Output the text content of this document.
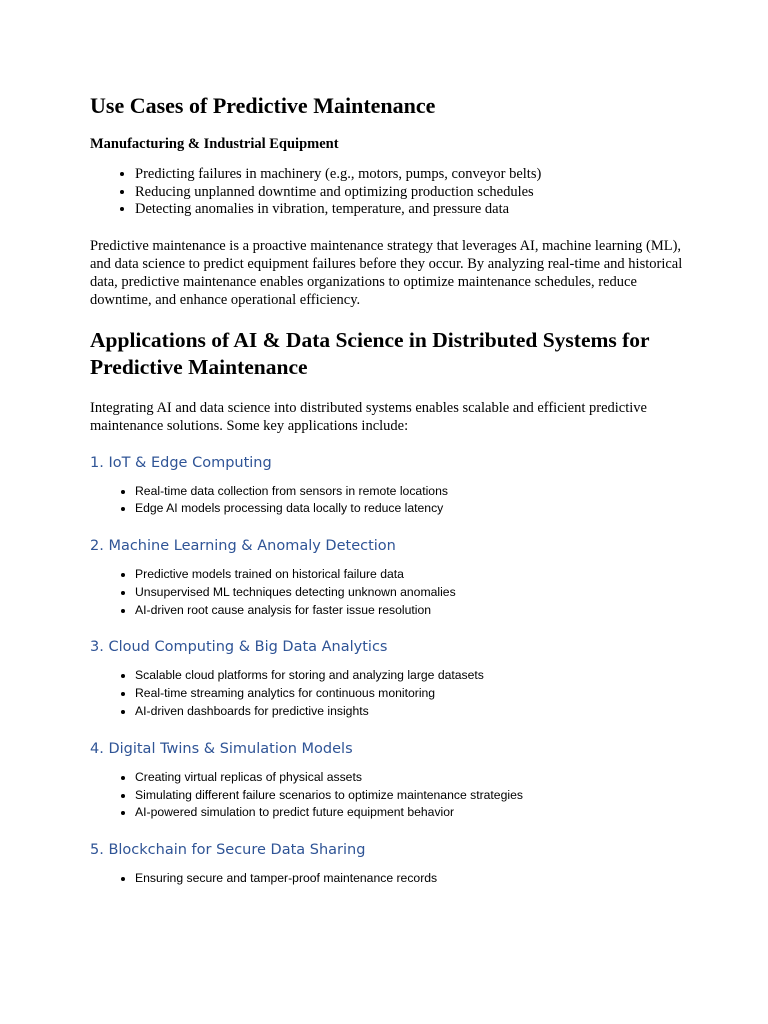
Use Cases of Predictive Maintenance
Manufacturing & Industrial Equipment
• Predicting failures in machinery (e.g., motors, pumps, conveyor belts)
• Reducing unplanned downtime and optimizing production schedules
• Detecting anomalies in vibration, temperature, and pressure data

Predictive maintenance is a proactive maintenance strategy that leverages AI, machine learning (ML), and data science to predict equipment failures before they occur. By analyzing real-time and historical data, predictive maintenance enables organizations to optimize maintenance schedules, reduce downtime, and enhance operational efficiency.

Applications of AI & Data Science in Distributed Systems for Predictive Maintenance

Integrating AI and data science into distributed systems enables scalable and efficient predictive maintenance solutions. Some key applications include:

1. IoT & Edge Computing
• Real-time data collection from sensors in remote locations
• Edge AI models processing data locally to reduce latency
2. Machine Learning & Anomaly Detection
• Predictive models trained on historical failure data
• Unsupervised ML techniques detecting unknown anomalies
• AI-driven root cause analysis for faster issue resolution
3. Cloud Computing & Big Data Analytics
• Scalable cloud platforms for storing and analyzing large datasets
• Real-time streaming analytics for continuous monitoring
• AI-driven dashboards for predictive insights
4. Digital Twins & Simulation Models
• Creating virtual replicas of physical assets
• Simulating different failure scenarios to optimize maintenance strategies
• AI-powered simulation to predict future equipment behavior
5. Blockchain for Secure Data Sharing
• Ensuring secure and tamper-proof maintenance records
